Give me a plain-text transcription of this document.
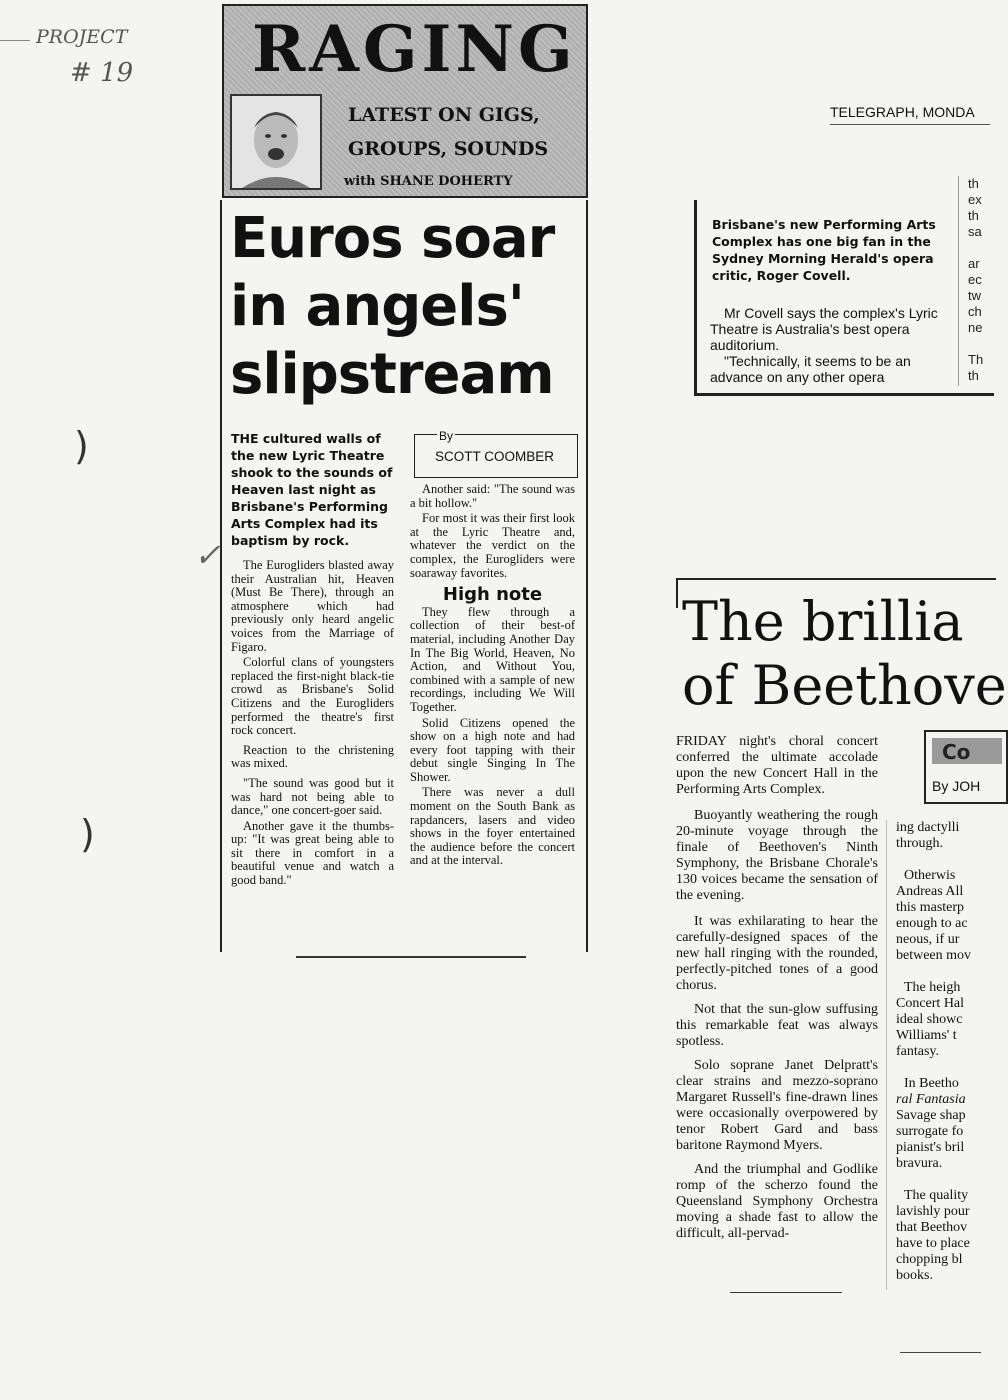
PROJECT
# 19
)
)
✓
RAGING
LATEST ON GIGS,
GROUPS, SOUNDS
with SHANE DOHERTY
Euros soar
in angels'
slipstream
By
SCOTT COOMBER

THE cultured walls of the new Lyric Theatre shook to the sounds of Heaven last night as Brisbane's Performing Arts Complex had its baptism by rock.

The Eurogliders blasted away their Australian hit, Heaven (Must Be There), through an atmosphere which had previously only heard angelic voices from the Marriage of Figaro.

Colorful clans of youngsters replaced the first-night black-tie crowd as Brisbane's Solid Citizens and the Eurogliders performed the theatre's first rock concert.

Reaction to the christening was mixed.

"The sound was good but it was hard not being able to dance," one concert-goer said.

Another gave it the thumbs-up: "It was great being able to sit there in comfort in a beautiful venue and watch a good band."

Another said: "The sound was a bit hollow."

For most it was their first look at the Lyric Theatre and, whatever the verdict on the complex, the Eurogliders were soaraway favorites.

High note

They flew through a collection of their best-of material, including Another Day In The Big World, Heaven, No Action, and Without You, combined with a sample of new recordings, including We Will Together.

Solid Citizens opened the show on a high note and had every foot tapping with their debut single Singing In The Shower.

There was never a dull moment on the South Bank as rapdancers, lasers and video shows in the foyer entertained the audience before the concert and at the interval.

TELEGRAPH, MONDA
Brisbane's new Performing Arts Complex has one big fan in the Sydney Morning Herald's opera critic, Roger Covell.

Mr Covell says the complex's Lyric Theatre is Australia's best opera auditorium.

"Technically, it seems to be an advance on any other opera

th
ex
th
sa
ar
ec
tw
ch
ne
Th
th
The brillia
of Beethove
Co
By JOH

FRIDAY night's choral concert conferred the ultimate accolade upon the new Concert Hall in the Performing Arts Complex.

Buoyantly weathering the rough 20-minute voyage through the finale of Beethoven's Ninth Symphony, the Brisbane Chorale's 130 voices became the sensation of the evening.

It was exhilarating to hear the carefully-designed spaces of the new hall ringing with the rounded, perfectly-pitched tones of a good chorus.

Not that the sun-glow suffusing this remarkable feat was always spotless.

Solo soprane Janet Delpratt's clear strains and mezzo-soprano Margaret Russell's fine-drawn lines were occasionally overpowered by tenor Robert Gard and bass baritone Raymond Myers.

And the triumphal and Godlike romp of the scherzo found the Queensland Symphony Orchestra moving a shade fast to allow the difficult, all-pervad-

ing dactylli
through.
Otherwis
Andreas All
this masterp
enough to ac
neous, if ur
between mov
The heigh
Concert Hal
ideal showc
Williams' t
fantasy.
In Beetho
ral Fantasia
Savage shap
surrogate fo
pianist's bril
bravura.
The quality
lavishly pour
that Beethov
have to place
chopping bl
books.
